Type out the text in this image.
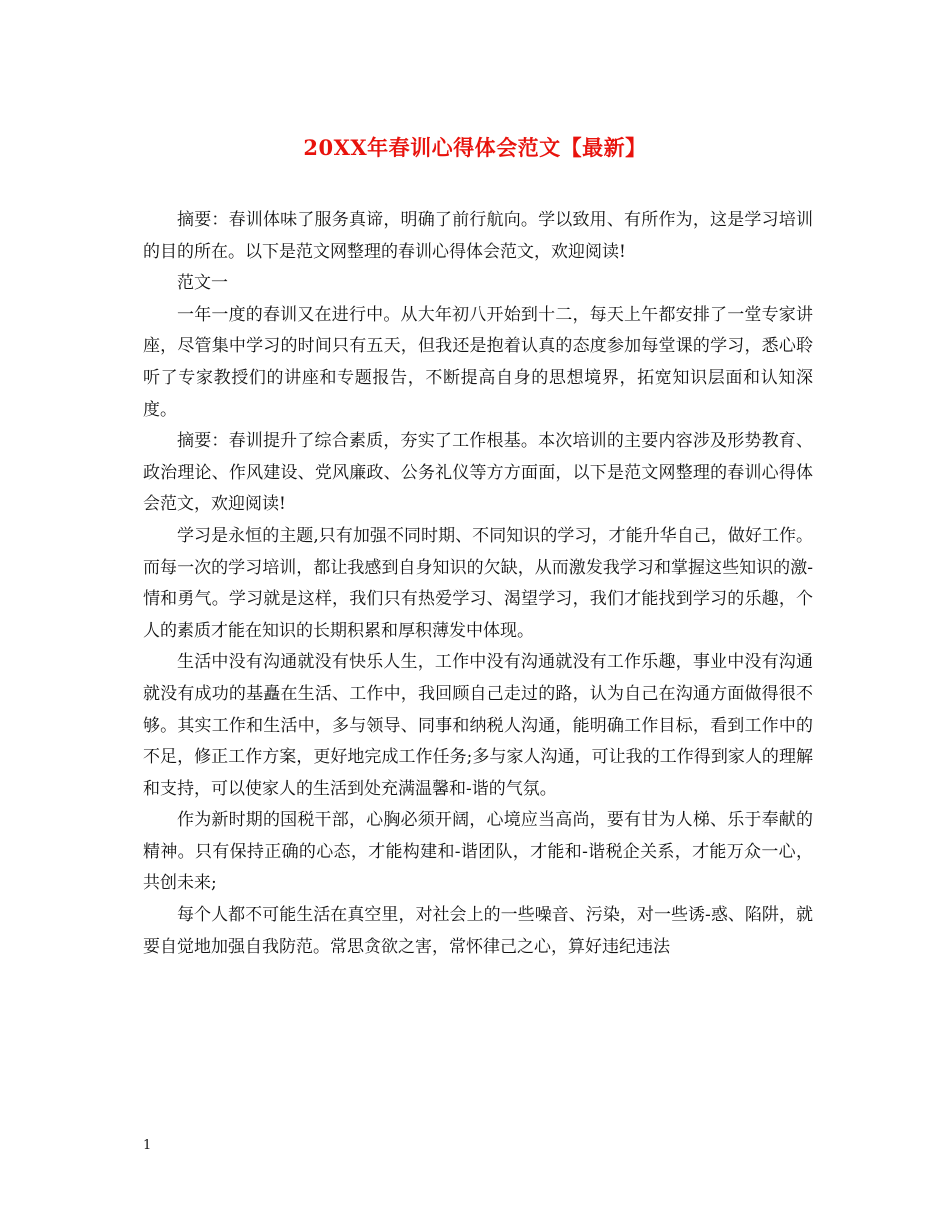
20XX年春训心得体会范文【最新】

摘要：春训体味了服务真谛，明确了前行航向。学以致用、有所作为，这是学习培训的目的所在。以下是范文网整理的春训心得体会范文，欢迎阅读!

范文一

一年一度的春训又在进行中。从大年初八开始到十二，每天上午都安排了一堂专家讲座，尽管集中学习的时间只有五天，但我还是抱着认真的态度参加每堂课的学习，悉心聆听了专家教授们的讲座和专题报告，不断提高自身的思想境界，拓宽知识层面和认知深度。

摘要：春训提升了综合素质，夯实了工作根基。本次培训的主要内容涉及形势教育、政治理论、作风建设、党风廉政、公务礼仪等方方面面，以下是范文网整理的春训心得体会范文，欢迎阅读!

学习是永恒的主题,只有加强不同时期、不同知识的学习，才能升华自己，做好工作。而每一次的学习培训，都让我感到自身知识的欠缺，从而激发我学习和掌握这些知识的激-情和勇气。学习就是这样，我们只有热爱学习、渴望学习，我们才能找到学习的乐趣，个人的素质才能在知识的长期积累和厚积薄发中体现。

生活中没有沟通就没有快乐人生，工作中没有沟通就没有工作乐趣，事业中没有沟通就没有成功的基矗在生活、工作中，我回顾自己走过的路，认为自己在沟通方面做得很不够。其实工作和生活中，多与领导、同事和纳税人沟通，能明确工作目标，看到工作中的不足，修正工作方案，更好地完成工作任务;多与家人沟通，可让我的工作得到家人的理解和支持，可以使家人的生活到处充满温馨和-谐的气氛。

作为新时期的国税干部，心胸必须开阔，心境应当高尚，要有甘为人梯、乐于奉献的精神。只有保持正确的心态，才能构建和-谐团队，才能和-谐税企关系，才能万众一心，共创未来;

每个人都不可能生活在真空里，对社会上的一些噪音、污染，对一些诱-惑、陷阱，就要自觉地加强自我防范。常思贪欲之害，常怀律己之心，算好违纪违法

1
